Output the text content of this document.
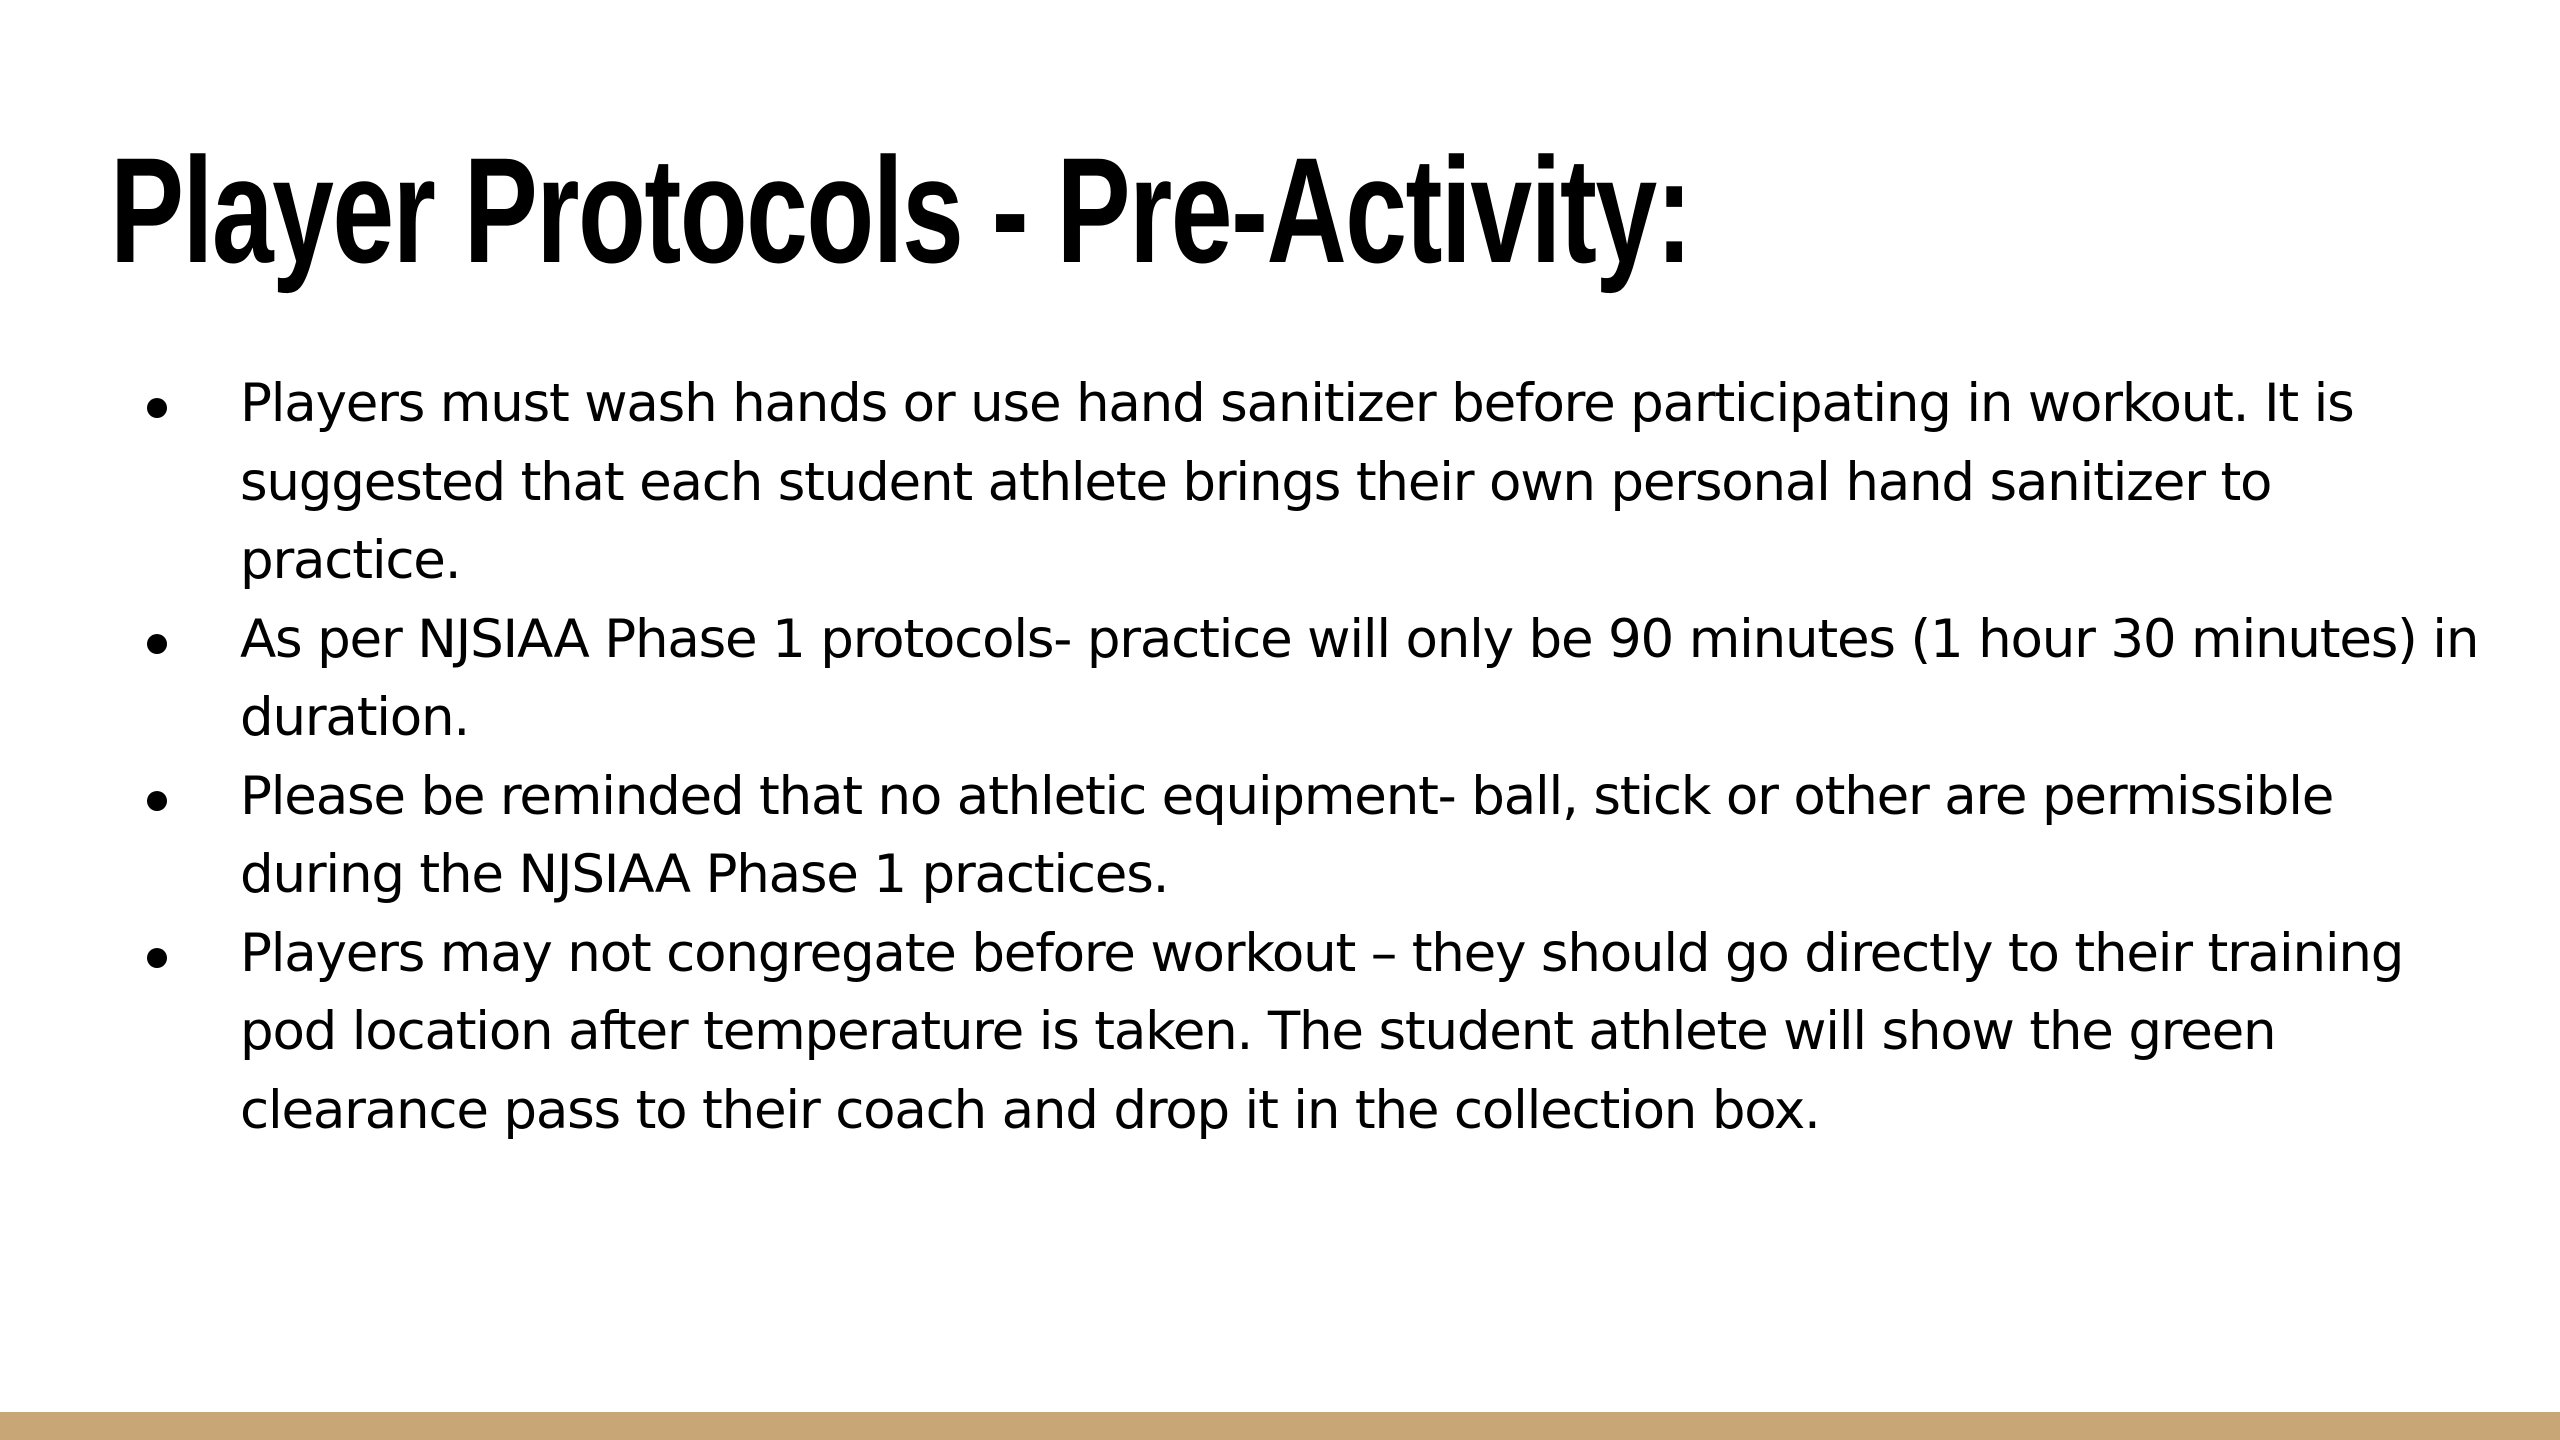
Player Protocols - Pre-Activity:
Players must wash hands or use hand sanitizer before participating in workout. It is suggested that each student athlete brings their own personal hand sanitizer to practice.
As per NJSIAA Phase 1 protocols- practice will only be 90 minutes (1 hour 30 minutes) in duration.
Please be reminded that no athletic equipment- ball, stick or other are permissible during the NJSIAA Phase 1 practices.
Players may not congregate before workout – they should go directly to their training pod location after temperature is taken. The student athlete will show the green clearance pass to their coach and drop it in the collection box.
